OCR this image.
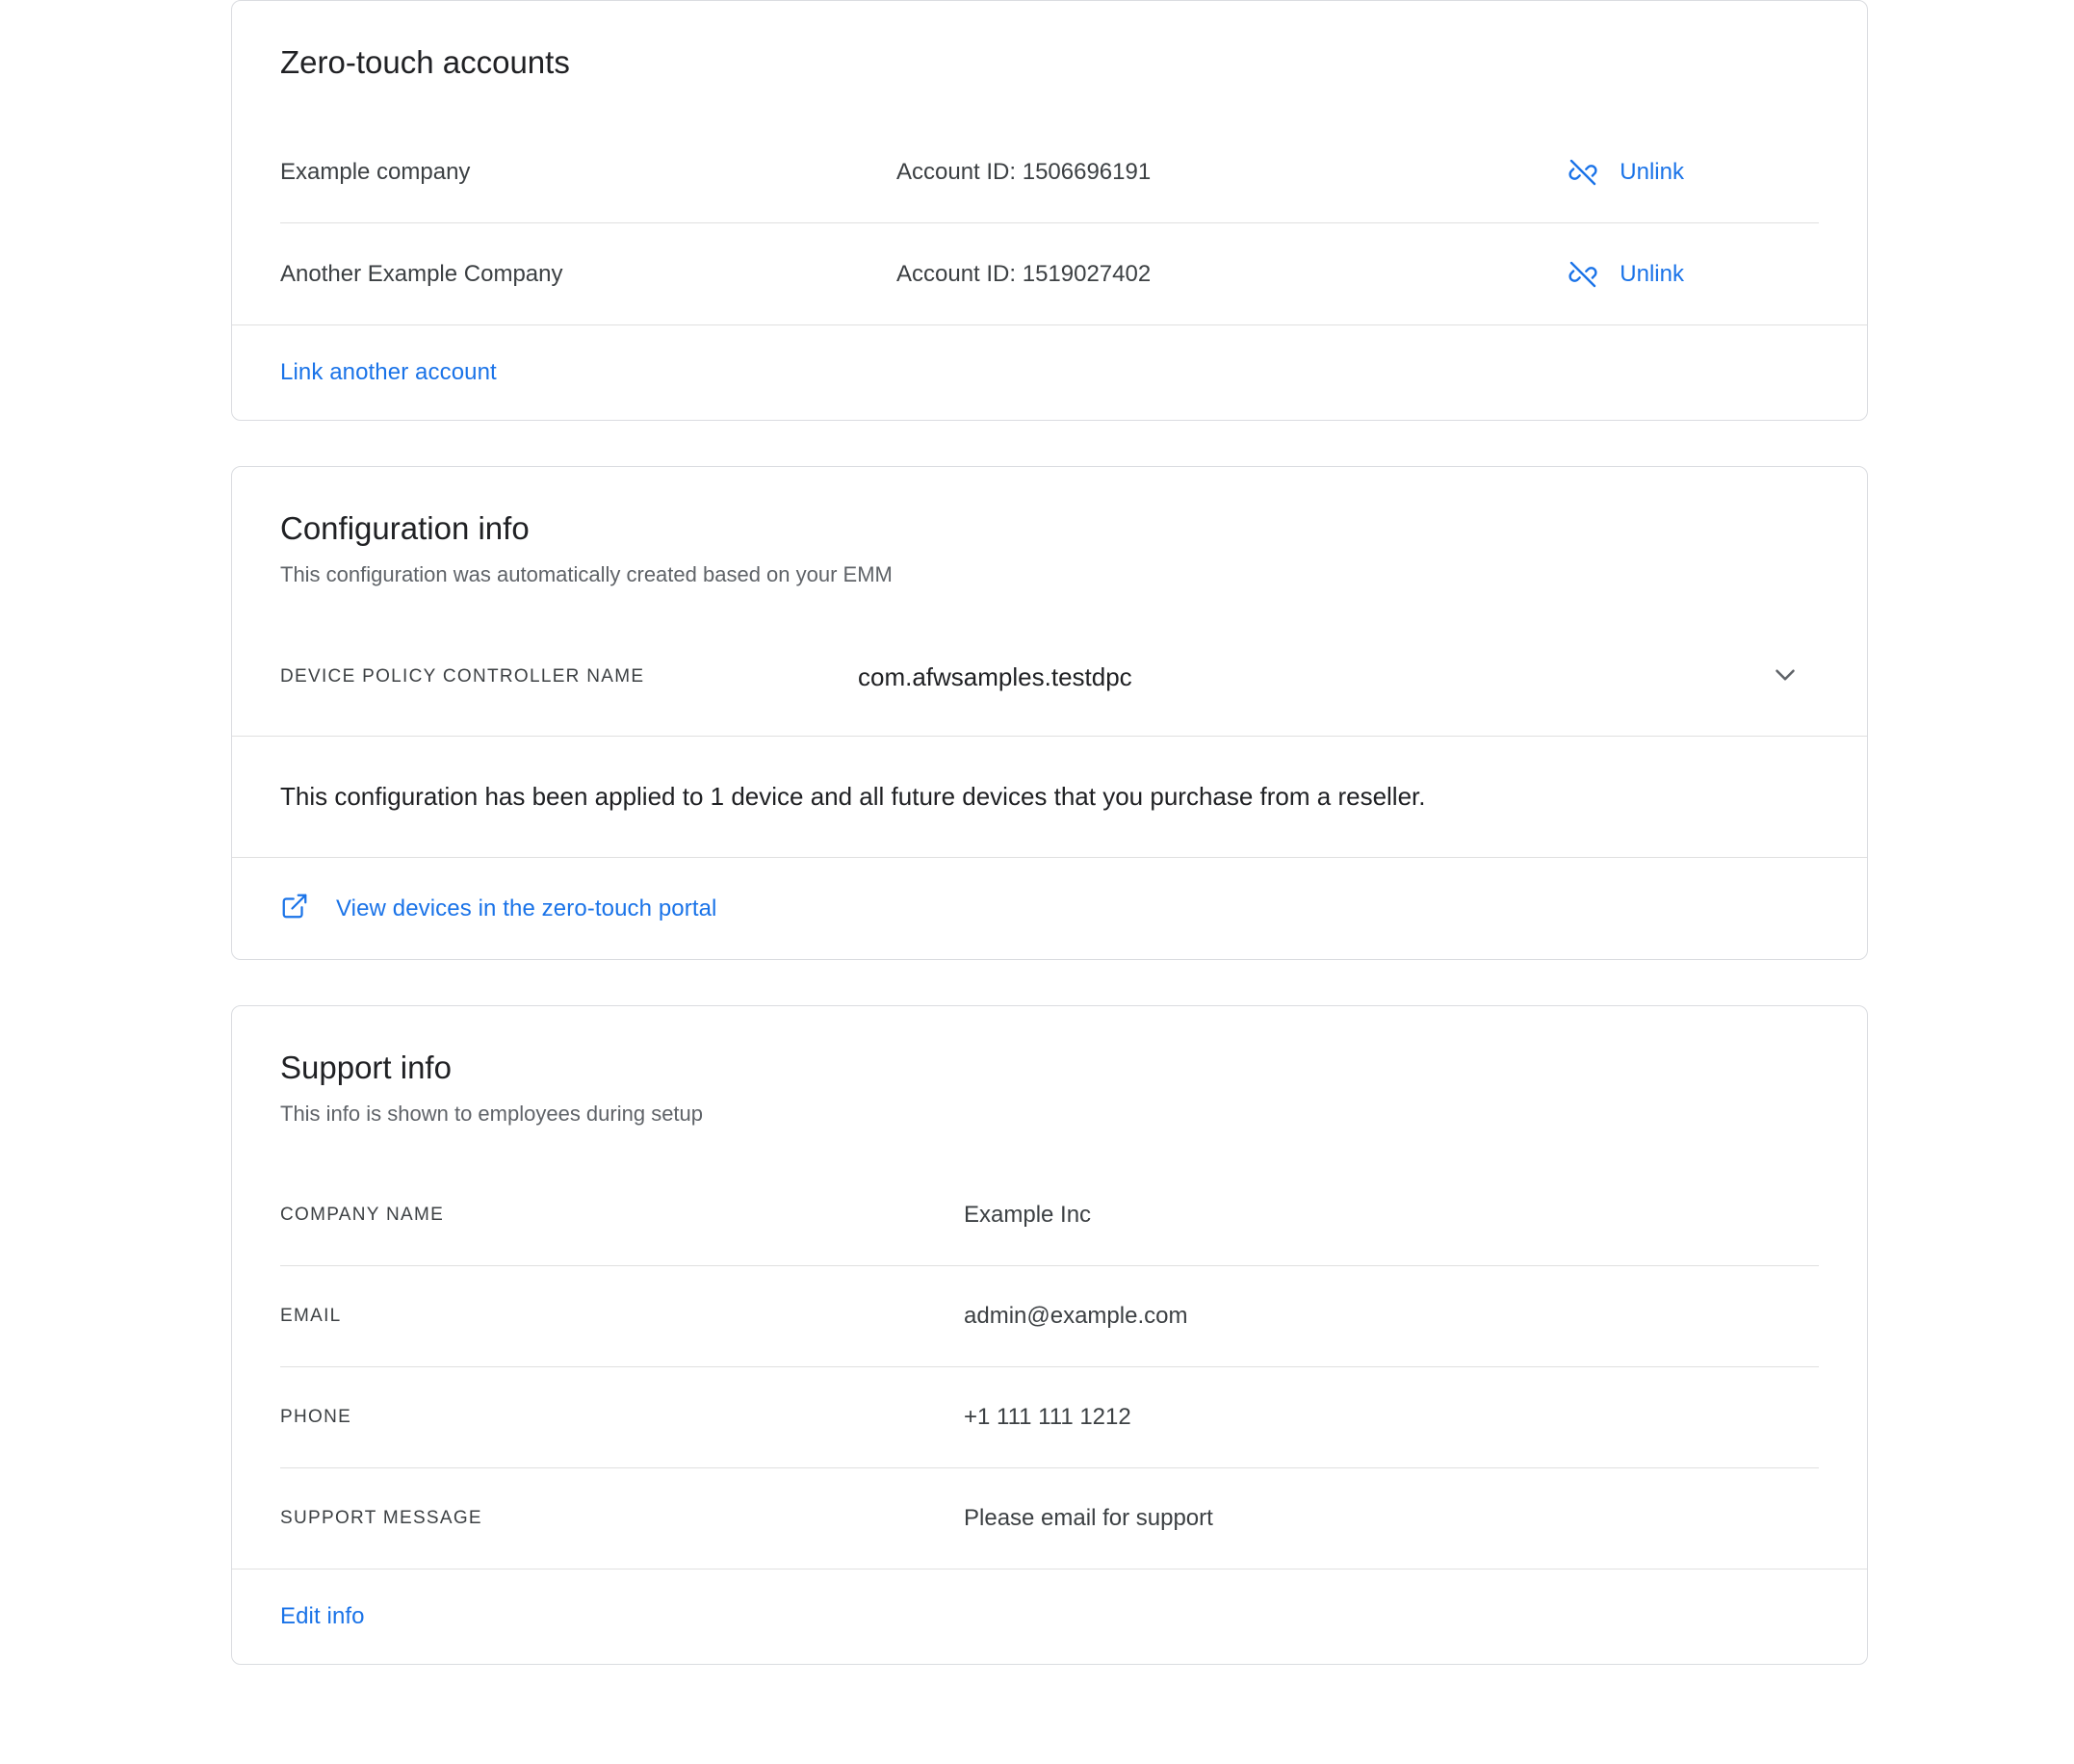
Zero-touch accounts
Example company	Account ID: 1506696191	Unlink
Another Example Company	Account ID: 1519027402	Unlink
Link another account
Configuration info

This configuration was automatically created based on your EMM

DEVICE POLICY CONTROLLER NAME	com.afwsamples.testdpc
This configuration has been applied to 1 device and all future devices that you purchase from a reseller.
View devices in the zero-touch portal
Support info

This info is shown to employees during setup

COMPANY NAME	Example Inc
EMAIL	admin@example.com
PHONE	+1 111 111 1212
SUPPORT MESSAGE	Please email for support
Edit info
